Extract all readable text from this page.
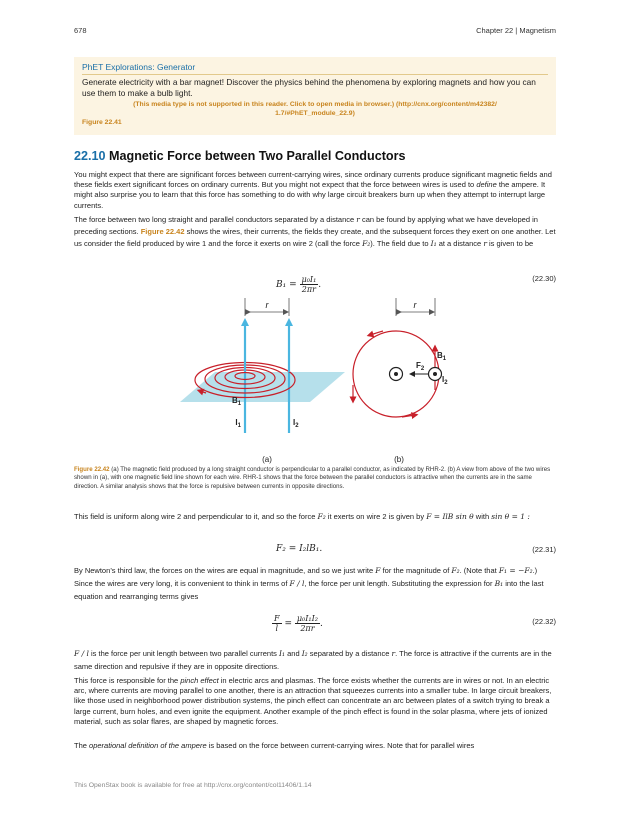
678	Chapter 22 | Magnetism
PhET Explorations: Generator
Generate electricity with a bar magnet! Discover the physics behind the phenomena by exploring magnets and how you can use them to make a bulb light.
(This media type is not supported in this reader. Click to open media in browser.) (http://cnx.org/content/m42382/
1.7/#PhET_module_22.9)
Figure 22.41
22.10 Magnetic Force between Two Parallel Conductors
You might expect that there are significant forces between current-carrying wires, since ordinary currents produce significant magnetic fields and these fields exert significant forces on ordinary currents. But you might not expect that the force between wires is used to define the ampere. It might also surprise you to learn that this force has something to do with why large circuit breakers burn up when they attempt to interrupt large currents.
The force between two long straight and parallel conductors separated by a distance r can be found by applying what we have developed in preceding sections. Figure 22.42 shows the wires, their currents, the fields they create, and the subsequent forces they exert on one another. Let us consider the field produced by wire 1 and the force it exerts on wire 2 (call the force F₂). The field due to I₁ at a distance r is given to be
$B_1 = \frac{\text{μ₀I₁}}{2\pi r}$ .
(22.30)
r
$B_1$
$I_1$	$I_2$
(a)
r
$B_1$
$F_2$
$I_2$
(b)
Figure 22.42 (a) The magnetic field produced by a long straight conductor is perpendicular to a parallel conductor, as indicated by RHR-2. (b) A view from above of the two wires shown in (a), with one magnetic field line shown for each wire. RHR-1 shows that the force between the parallel conductors is attractive when the currents are in the same direction. A similar analysis shows that the force is repulsive between currents in opposite directions.
This field is uniform along wire 2 and perpendicular to it, and so the force F₂ it exerts on wire 2 is given by F = IlB sin θ with sin θ = 1 :
F₂ = I₂lB₁.	(22.31)
By Newton’s third law, the forces on the wires are equal in magnitude, and so we just write F for the magnitude of F₂. (Note that F₁ = −F₂.) Since the wires are very long, it is convenient to think in terms of F / l, the force per unit length. Substituting the expression for B₁ into the last equation and rearranging terms gives
$\frac{F}{l} = \frac{\text{μ₀I₁I₂}}{2\pi r}$ .	(22.32)
F / l is the force per unit length between two parallel currents I₁ and I₂ separated by a distance r. The force is attractive if the currents are in the same direction and repulsive if they are in opposite directions.
This force is responsible for the pinch effect in electric arcs and plasmas. The force exists whether the currents are in wires or not. In an electric arc, where currents are moving parallel to one another, there is an attraction that squeezes currents into a smaller tube. In large circuit breakers, like those used in neighborhood power distribution systems, the pinch effect can concentrate an arc between plates of a switch trying to break a large current, burn holes, and even ignite the equipment. Another example of the pinch effect is found in the solar plasma, where jets of ionized material, such as solar flares, are shaped by magnetic forces.
The operational definition of the ampere is based on the force between current-carrying wires. Note that for parallel wires
This OpenStax book is available for free at http://cnx.org/content/col11406/1.14
